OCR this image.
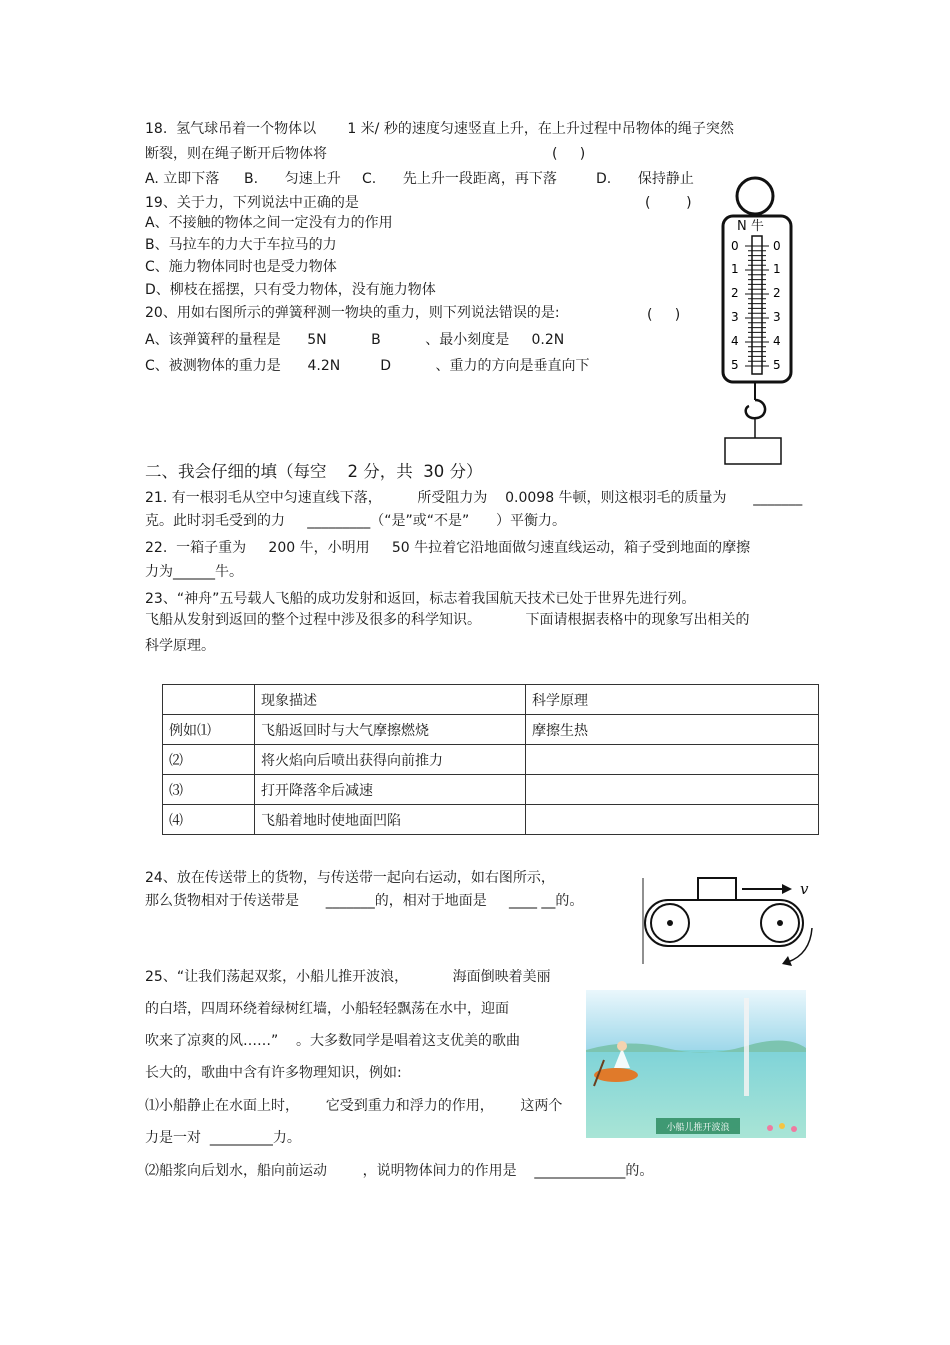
18.  氢气球吊着一个物体以       1 米/ 秒的速度匀速竖直上升，在上升过程中吊物体的绳子突然
断裂，则在绳子断开后物体将	(     )
A. 立即下落 B.      匀速上升 C.      先上升一段距离，再下落	D.      保持静止
19、关于力，下列说法中正确的是	(        )
A、不接触的物体之间一定没有力的作用
B、马拉车的力大于车拉马的力
C、施力物体同时也是受力物体
D、柳枝在摇摆，只有受力物体，没有施力物体
20、用如右图所示的弹簧秤测一物块的重力，则下列说法错误的是:	(     )
A、该弹簧秤的量程是      5N          B          、最小刻度是     0.2N
C、被测物体的重力是      4.2N         D          、重力的方向是垂直向下
N 牛
0
1
2
3
4
5
0
1
2
3
4
5
二、我会仔细的填（每空    2 分，共  30 分）
21. 有一根羽毛从空中匀速直线下落，        所受阻力为    0.0098 牛顿，则这根羽毛的质量为      _______
克。此时羽毛受到的力     _________（“是”或“不是”      ）平衡力。
22.  一箱子重为     200 牛，小明用     50 牛拉着它沿地面做匀速直线运动，箱子受到地面的摩擦
力为______牛。
23、“神舟”五号载人飞船的成功发射和返回，标志着我国航天技术已处于世界先进行列。
飞船从发射到返回的整个过程中涉及很多的科学知识。          下面请根据表格中的现象写出相关的
科学原理。
	现象描述	科学原理
例如⑴	飞船返回时与大气摩擦燃烧	摩擦生热
⑵	将火焰向后喷出获得向前推力	
⑶	打开降落伞后减速	
⑷	飞船着地时使地面凹陷	
24、放在传送带上的货物，与传送带一起向右运动，如右图所示，
那么货物相对于传送带是      _______的，相对于地面是     ____ __的。
v
25、“让我们荡起双浆，小船儿推开波浪，          海面倒映着美丽
的白塔，四周环绕着绿树红墙，小船轻轻飘荡在水中，迎面
吹来了凉爽的风……”    。大多数同学是唱着这支优美的歌曲
长大的，歌曲中含有许多物理知识，例如:
⑴小船静止在水面上时，      它受到重力和浮力的作用，      这两个
力是一对  _________力。
⑵船浆向后划水，船向前运动        ，说明物体间力的作用是    _____________的。
小船儿推开波浪
